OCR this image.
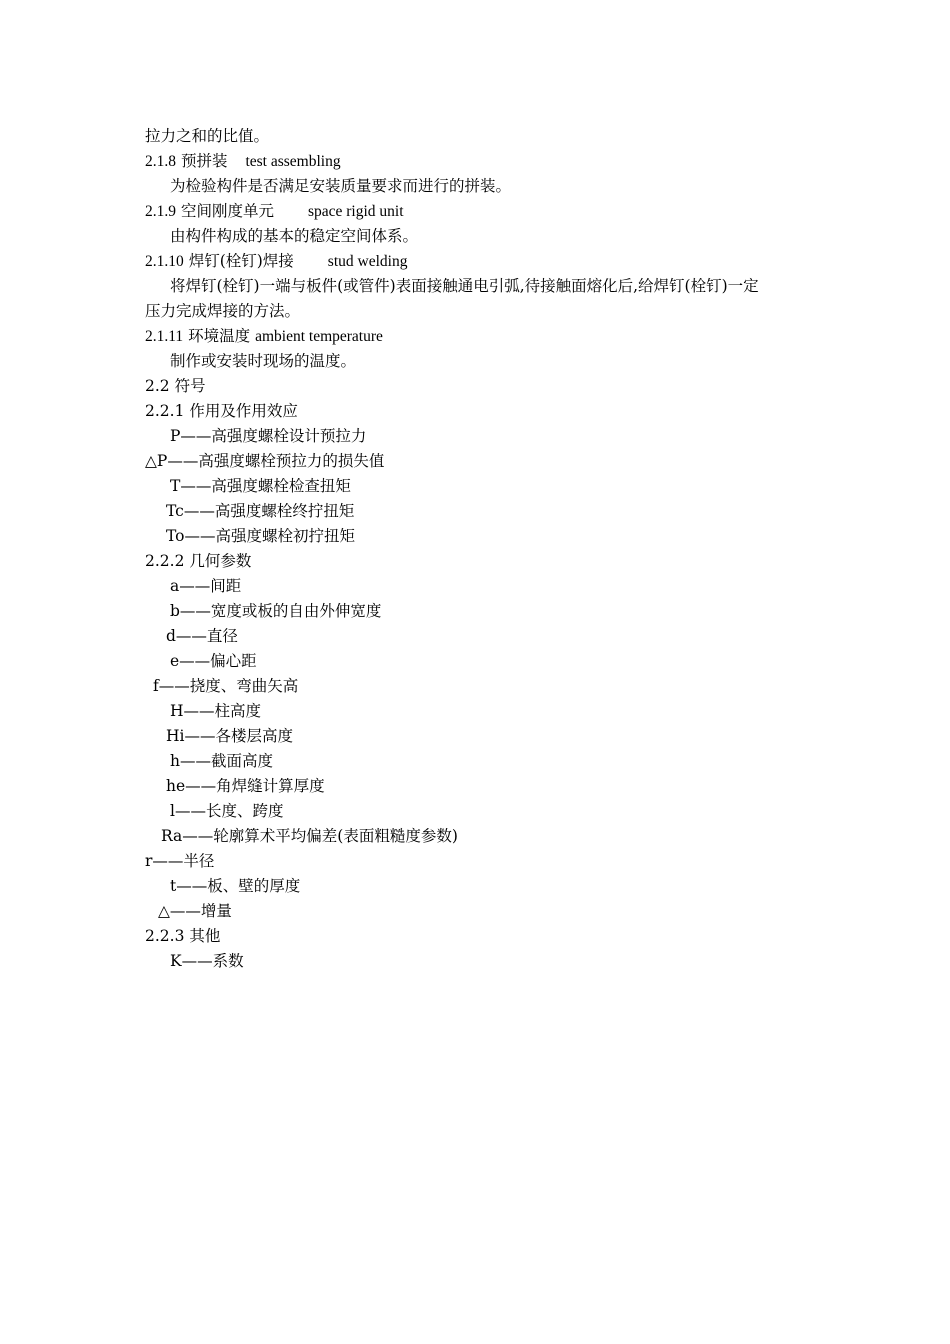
拉力之和的比值。
2.1.8 预拼装 test assembling
为检验构件是否满足安装质量要求而进行的拼装。
2.1.9 空间刚度单元 space rigid unit
由构件构成的基本的稳定空间体系。
2.1.10 焊钉(栓钉)焊接 stud welding
将焊钉(栓钉)一端与板件(或管件)表面接触通电引弧,待接触面熔化后,给焊钉(栓钉)一定
压力完成焊接的方法。
2.1.11 环境温度 ambient temperature
制作或安装时现场的温度。
2.2 符号
2.2.1 作用及作用效应
P——高强度螺栓设计预拉力
△P——高强度螺栓预拉力的损失值
T——高强度螺栓检查扭矩
Tc——高强度螺栓终拧扭矩
To——高强度螺栓初拧扭矩
2.2.2 几何参数
a——间距
b——宽度或板的自由外伸宽度
d——直径
e——偏心距
f——挠度、弯曲矢高
H——柱高度
Hi——各楼层高度
h——截面高度
he——角焊缝计算厚度
l——长度、跨度
Ra——轮廓算术平均偏差(表面粗糙度参数)
r——半径
t——板、壁的厚度
△——增量
2.2.3 其他
K——系数
